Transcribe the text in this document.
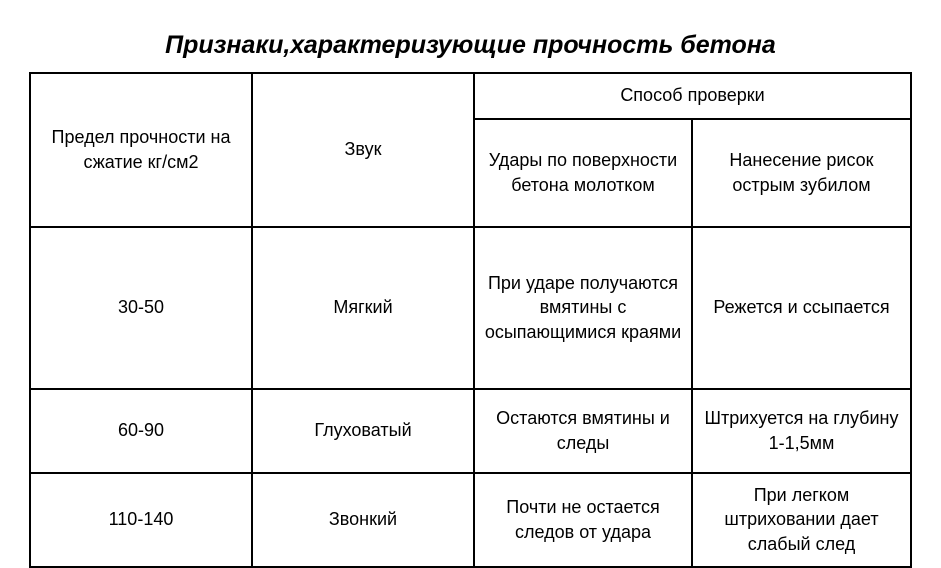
Признаки,характеризующие прочность бетона
Предел прочности на сжатие кг/см2	Звук	Способ проверки	
		Удары по поверхности бетона молотком	Нанесение рисок острым зубилом
30-50	Мягкий	При ударе получаются вмятины с осыпающимися краями	Режется и ссыпается
60-90	Глуховатый	Остаются вмятины и следы	Штрихуется на глубину 1-1,5мм
110-140	Звонкий	Почти не остается следов от удара	При легком штриховании дает слабый след
